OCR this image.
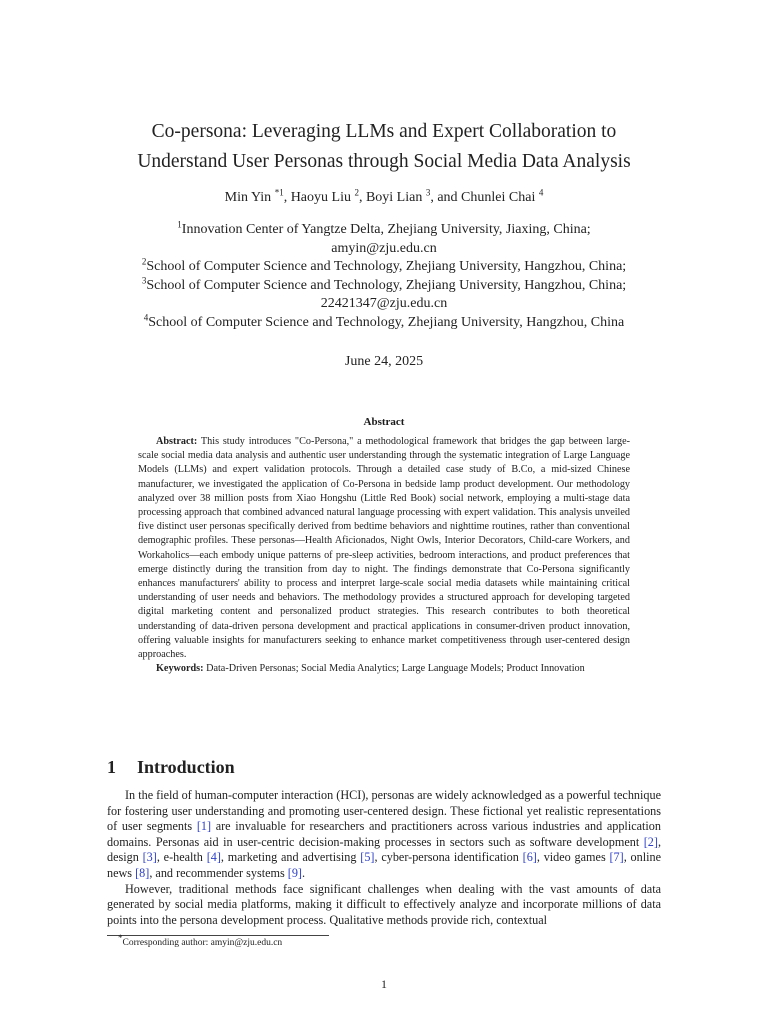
Co-persona: Leveraging LLMs and Expert Collaboration to
Understand User Personas through Social Media Data Analysis
Min Yin $^{*1}$, Haoyu Liu $^2$, Boyi Lian $^3$, and Chunlei Chai $^4$
$^1$Innovation Center of Yangtze Delta, Zhejiang University, Jiaxing, China;
amyin@zju.edu.cn
$^2$School of Computer Science and Technology, Zhejiang University, Hangzhou, China;
$^3$School of Computer Science and Technology, Zhejiang University, Hangzhou, China;
22421347@zju.edu.cn
$^4$School of Computer Science and Technology, Zhejiang University, Hangzhou, China
June 24, 2025
Abstract

Abstract: This study introduces "Co-Persona," a methodological framework that bridges the gap between large-scale social media data analysis and authentic user understanding through the systematic integration of Large Language Models (LLMs) and expert validation protocols. Through a detailed case study of B.Co, a mid-sized Chinese manufacturer, we investigated the application of Co-Persona in bedside lamp product development. Our methodology analyzed over 38 million posts from Xiao Hongshu (Little Red Book) social network, employing a multi-stage data processing approach that combined advanced natural language processing with expert validation. This analysis unveiled five distinct user personas specifically derived from bedtime behaviors and nighttime routines, rather than conventional demographic profiles. These personas—Health Aficionados, Night Owls, Interior Decorators, Child-care Workers, and Workaholics—each embody unique patterns of pre-sleep activities, bedroom interactions, and product preferences that emerge distinctly during the transition from day to night. The findings demonstrate that Co-Persona significantly enhances manufacturers' ability to process and interpret large-scale social media datasets while maintaining critical understanding of user needs and behaviors. The methodology provides a structured approach for developing targeted digital marketing content and personalized product strategies. This research contributes to both theoretical understanding of data-driven persona development and practical applications in consumer-driven product innovation, offering valuable insights for manufacturers seeking to enhance market competitiveness through user-centered design approaches.

Keywords: Data-Driven Personas; Social Media Analytics; Large Language Models; Product Innovation

1 Introduction

In the field of human-computer interaction (HCI), personas are widely acknowledged as a powerful technique for fostering user understanding and promoting user-centered design. These fictional yet realistic representations of user segments [1] are invaluable for researchers and practitioners across various industries and application domains. Personas aid in user-centric decision-making processes in sectors such as software development [2], design [3], e-health [4], marketing and advertising [5], cyber-persona identification [6], video games [7], online news [8], and recommender systems [9].

However, traditional methods face significant challenges when dealing with the vast amounts of data generated by social media platforms, making it difficult to effectively analyze and incorporate millions of data points into the persona development process. Qualitative methods provide rich, contextual

*Corresponding author: amyin@zju.edu.cn
1
